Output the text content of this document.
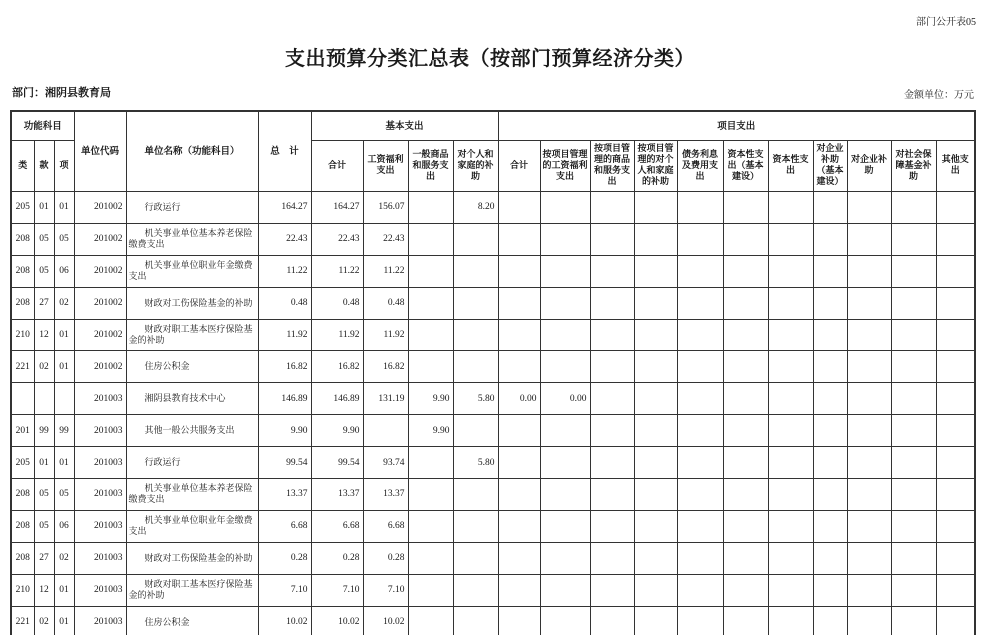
部门公开表05
支出预算分类汇总表（按部门预算经济分类）
部门：湘阴县教育局	金额单位：万元
功能科目			单位代码	单位名称（功能科目）	总　计	基本支出				项目支出										
类	款	项				合计	工资福利支出	一般商品和服务支出	对个人和家庭的补助	合计	按项目管理的工资福利支出	按项目管理的商品和服务支出	按项目管理的对个人和家庭的补助	债务利息及费用支出	资本性支出（基本建设）	资本性支出	对企业补助（基本建设）	对企业补助	对社会保障基金补助	其他支出
205	01	01	201002	行政运行	164.27	164.27	156.07		8.20											
208	05	05	201002	机关事业单位基本养老保险缴费支出	22.43	22.43	22.43													
208	05	06	201002	机关事业单位职业年金缴费支出	11.22	11.22	11.22													
208	27	02	201002	财政对工伤保险基金的补助	0.48	0.48	0.48													
210	12	01	201002	财政对职工基本医疗保险基金的补助	11.92	11.92	11.92													
221	02	01	201002	住房公积金	16.82	16.82	16.82													
			201003	湘阴县教育技术中心	146.89	146.89	131.19	9.90	5.80	0.00	0.00									
201	99	99	201003	其他一般公共服务支出	9.90	9.90		9.90												
205	01	01	201003	行政运行	99.54	99.54	93.74		5.80											
208	05	05	201003	机关事业单位基本养老保险缴费支出	13.37	13.37	13.37													
208	05	06	201003	机关事业单位职业年金缴费支出	6.68	6.68	6.68													
208	27	02	201003	财政对工伤保险基金的补助	0.28	0.28	0.28													
210	12	01	201003	财政对职工基本医疗保险基金的补助	7.10	7.10	7.10													
221	02	01	201003	住房公积金	10.02	10.02	10.02													
